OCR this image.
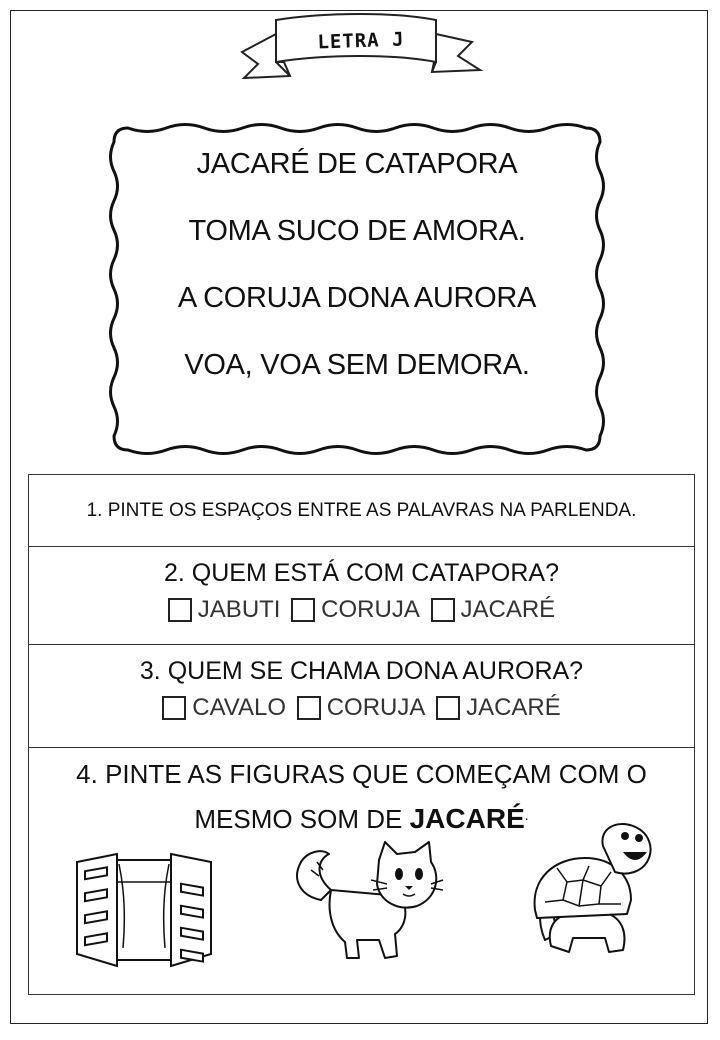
LETRA J
JACARÉ DE CATAPORA
TOMA SUCO DE AMORA.
A CORUJA DONA AURORA
VOA, VOA SEM DEMORA.
1. PINTE OS ESPAÇOS ENTRE AS PALAVRAS NA PARLENDA.
2. QUEM ESTÁ COM CATAPORA?
JABUTI
CORUJA
JACARÉ
3. QUEM SE CHAMA DONA AURORA?
CAVALO
CORUJA
JACARÉ
4. PINTE AS FIGURAS QUE COMEÇAM COM O
MESMO SOM DE JACARÉ.
